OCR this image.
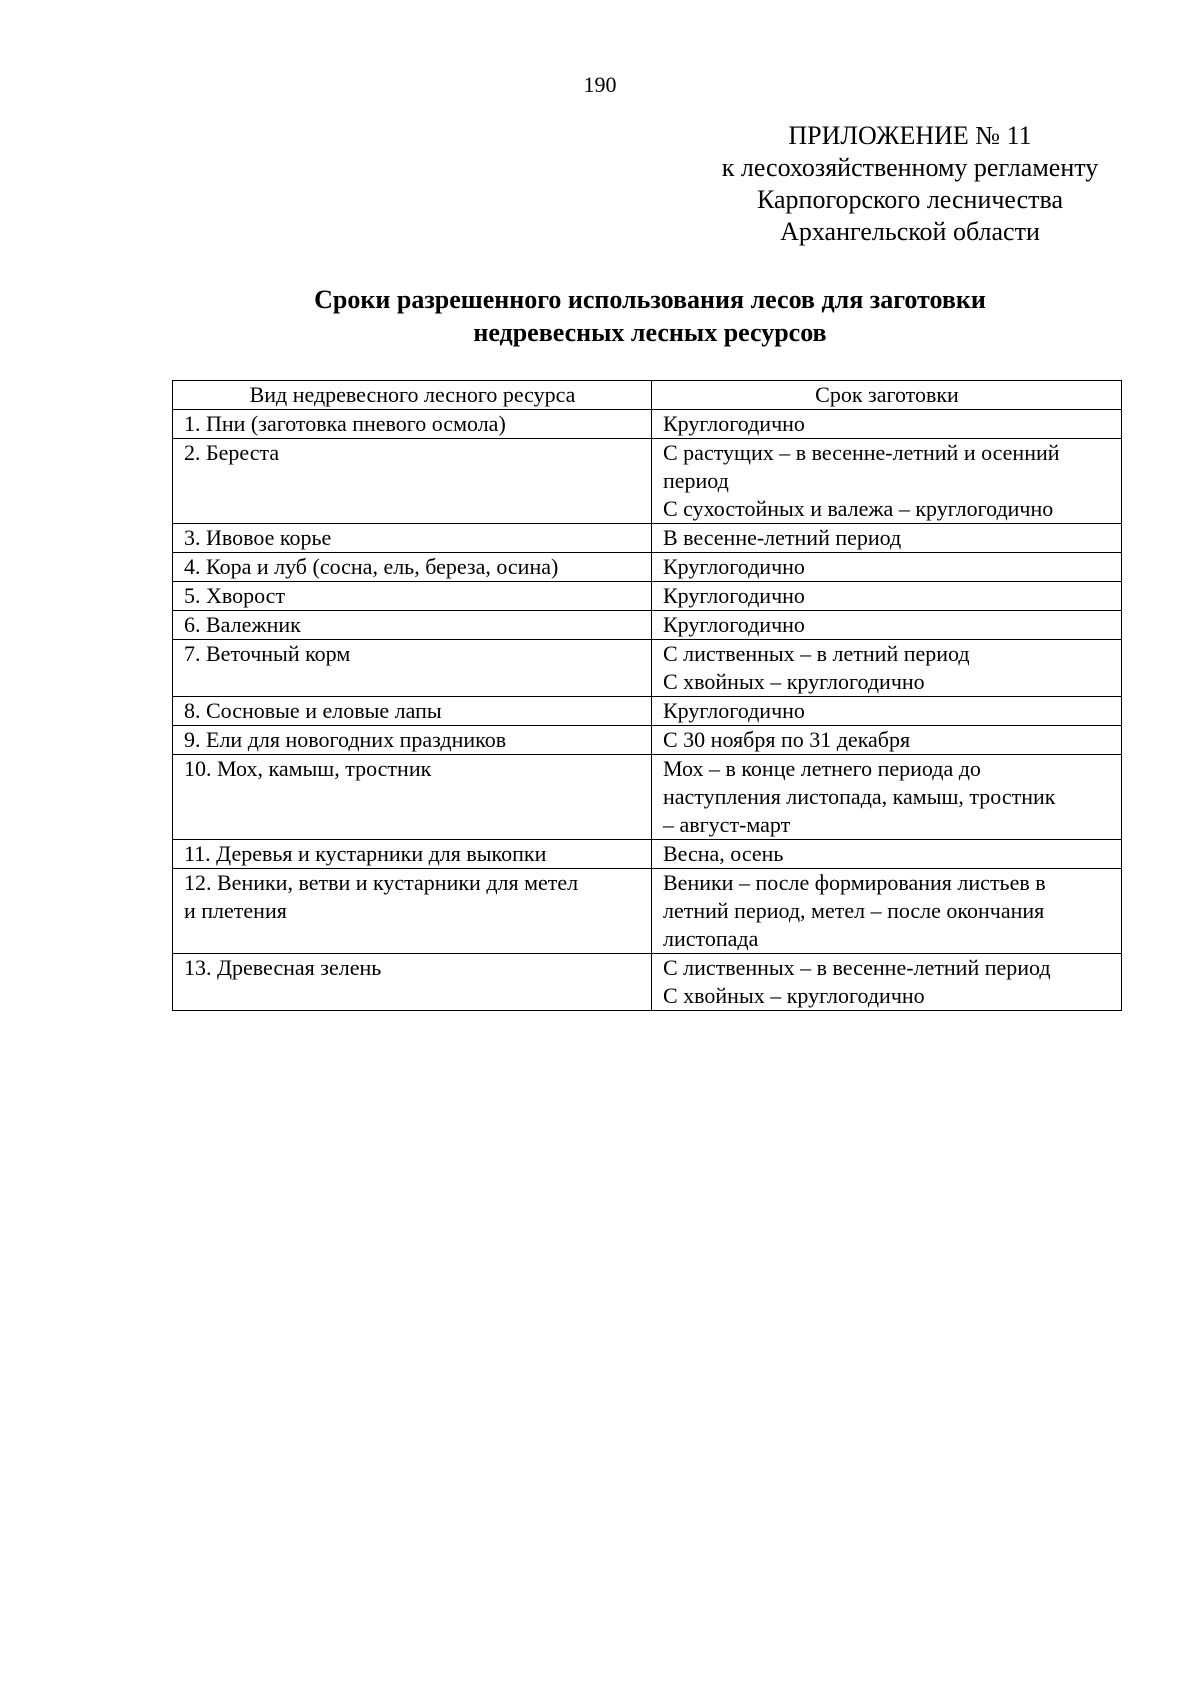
190
ПРИЛОЖЕНИЕ № 11
к лесохозяйственному регламенту
Карпогорского лесничества
Архангельской области
Сроки разрешенного использования лесов для заготовки
недревесных лесных ресурсов
Вид недревесного лесного ресурса	Срок заготовки

1. Пни (заготовка пневого осмола)	Круглогодично

2. Береста	С растущих – в весенне-летний и осенний
период
С сухостойных и валежа – круглогодично

3. Ивовое корье	В весенне-летний период

4. Кора и луб (сосна, ель, береза, осина)	Круглогодично

5. Хворост	Круглогодично

6. Валежник	Круглогодично

7. Веточный корм	С лиственных – в летний период
С хвойных – круглогодично

8. Сосновые и еловые лапы	Круглогодично

9. Ели для новогодних праздников	С 30 ноября по 31 декабря

10. Мох, камыш, тростник	Мох – в конце летнего периода до
наступления листопада, камыш, тростник
– август-март

11. Деревья и кустарники для выкопки	Весна, осень

12. Веники, ветви и кустарники для метел
и плетения	Веники – после формирования листьев в
летний период, метел – после окончания
листопада

13. Древесная зелень	С лиственных – в весенне-летний период
С хвойных – круглогодично
